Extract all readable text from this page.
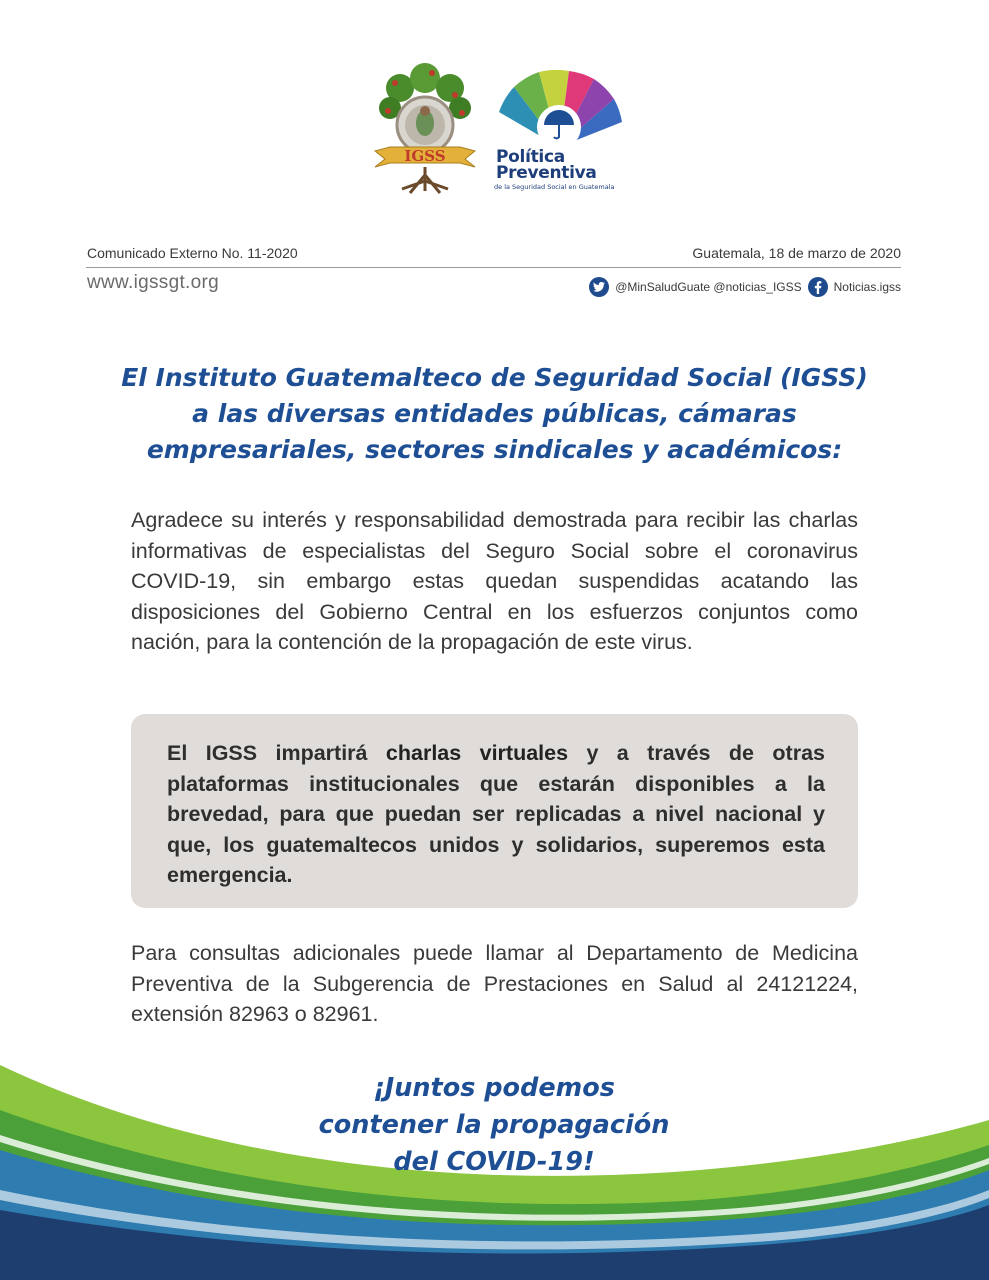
IGSS	Política
Preventiva
de la Seguridad Social en Guatemala
Comunicado Externo No. 11-2020	Guatemala, 18 de marzo de 2020
www.igssgt.org	@MinSaludGuate @noticias_IGSS	Noticias.igss
El Instituto Guatemalteco de Seguridad Social (IGSS)
a las diversas entidades públicas, cámaras
empresariales, sectores sindicales y académicos:
Agradece su interés y responsabilidad demostrada para recibir las charlas informativas de especialistas del Seguro Social sobre el coronavirus COVID-19, sin embargo estas quedan suspendidas acatando las disposiciones del Gobierno Central en los esfuerzos conjuntos como nación, para la contención de la propagación de este virus.
El IGSS impartirá charlas virtuales y a través de otras plataformas institucionales que estarán disponibles a la brevedad, para que puedan ser replicadas a nivel nacional y que, los guatemaltecos unidos y solidarios, superemos esta emergencia.
Para consultas adicionales puede llamar al Departamento de Medicina Preventiva de la Subgerencia de Prestaciones en Salud al 24121224, extensión 82963 o 82961.
¡Juntos podemos
contener la propagación
del COVID-19!
